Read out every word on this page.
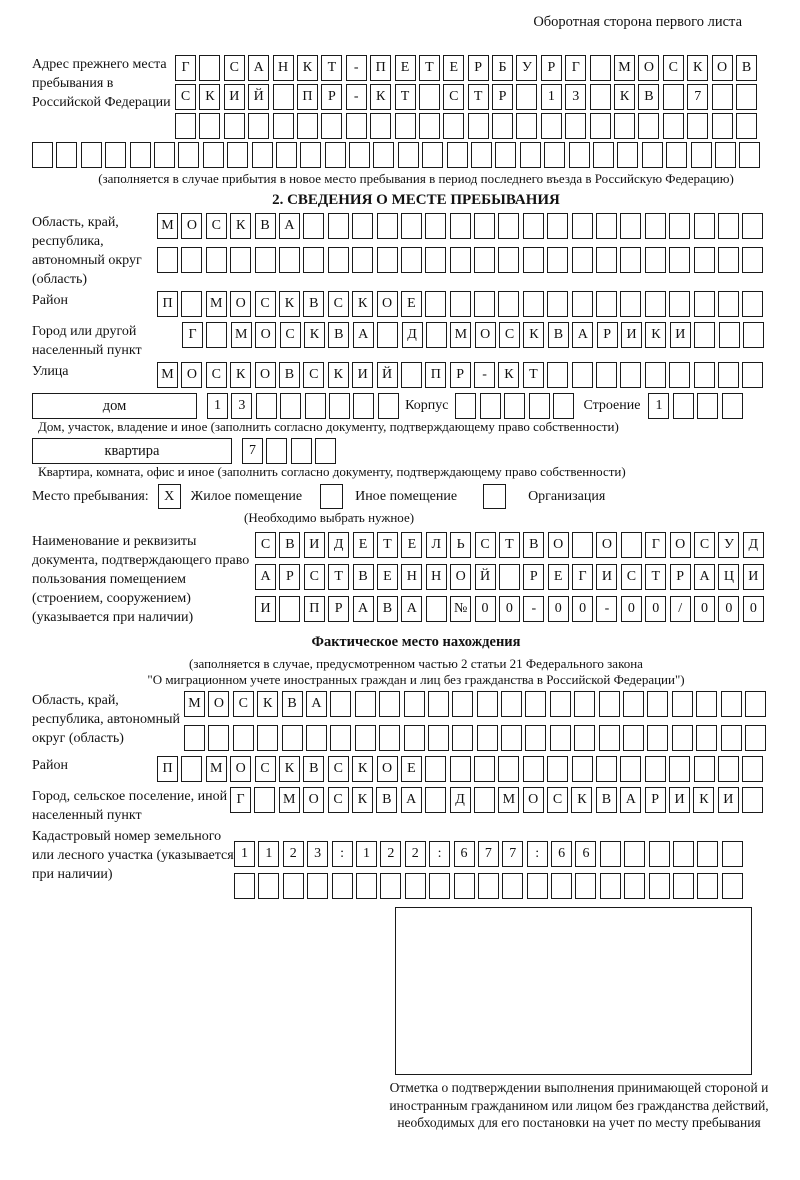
Оборотная сторона первого листа
Адрес прежнего места пребывания в Российской Федерации
Г	С	А	Н	К	Т	-	П	Е	Т	Е	Р	Б	У	Р	Г	М О	С	К	О	В
С	К	И	Й	П	Р	-	К	Т	С	Т	Р	1	3	К	В	7
(заполняется в случае прибытия в новое место пребывания в период последнего въезда в Российскую Федерацию)
2. СВЕДЕНИЯ О МЕСТЕ ПРЕБЫВАНИЯ
Область, край, республика, автономный округ (область)
М О	С	К	В	А
Район	П	М О	С	К	В	С	К	О	Е
Город или другой населенный пункт
Г	М О	С	К	В	А	Д	М О	С	К	В	А	Р	И	К	И
Улица	М О	С	К	О	В	С	К	И	Й	П	Р	-	К	Т
дом	1	3	Корпус	Строение	1
Дом, участок, владение и иное (заполнить согласно документу, подтверждающему право собственности)
квартира	7
Квартира, комната, офис и иное (заполнить согласно документу, подтверждающему право собственности)
Место пребывания:	X	Жилое помещение	Иное помещение	Организация
(Необходимо выбрать нужное)
Наименование и реквизиты документа, подтверждающего право пользования помещением (строением, сооружением) (указывается при наличии)
С	В	И	Д	Е	Т	Е	Л	Ь	С	Т	В	О	О	Г	О	С	У	Д
А	Р	С	Т	В	Е	Н	Н	О	Й	Р	Е	Г	И	С	Т	Р	А	Ц	И
И	П	Р	А	В	А	№	0	0	-	0	0	-	0	0	/	0	0	0
Фактическое место нахождения
(заполняется в случае, предусмотренном частью 2 статьи 21 Федерального закона
"О миграционном учете иностранных граждан и лиц без гражданства в Российской Федерации")
Область, край, республика, автономный округ (область)
М О	С	К	В	А
Район	П	М О	С	К	В	С	К	О	Е
Город, сельское поселение, иной населенный пункт
Г	М О	С	К	В	А	Д	М О	С	К	В	А	Р	И	К	И
Кадастровый номер земельного или лесного участка (указывается при наличии)
1	1	2	3	:	1	2	2	:	6	7	7	:	6	6
Отметка о подтверждении выполнения принимающей стороной и иностранным гражданином или лицом без гражданства действий, необходимых для его постановки на учет по месту пребывания
